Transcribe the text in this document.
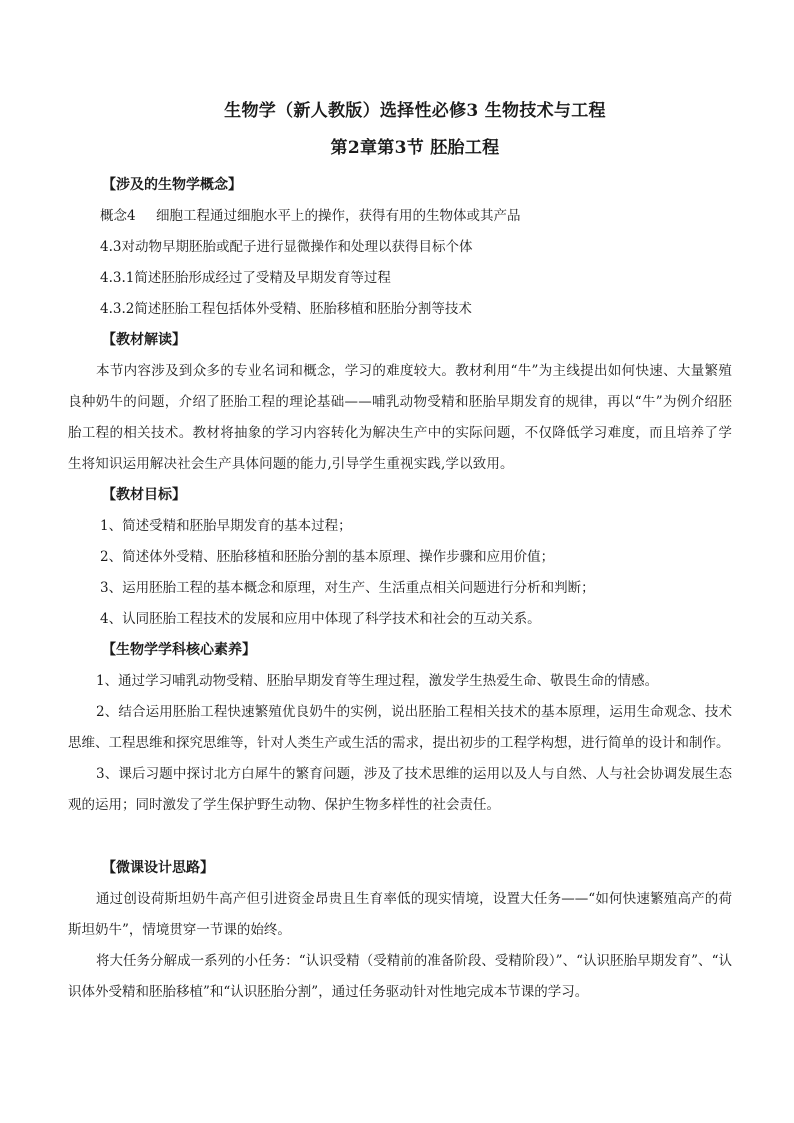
生物学（新人教版）选择性必修3 生物技术与工程
第2章第3节 胚胎工程

【涉及的生物学概念】

概念4 细胞工程通过细胞水平上的操作，获得有用的生物体或其产品

4.3对动物早期胚胎或配子进行显微操作和处理以获得目标个体

4.3.1简述胚胎形成经过了受精及早期发育等过程

4.3.2简述胚胎工程包括体外受精、胚胎移植和胚胎分割等技术

【教材解读】

本节内容涉及到众多的专业名词和概念，学习的难度较大。教材利用“牛”为主线提出如何快速、大量繁殖良种奶牛的问题，介绍了胚胎工程的理论基础——哺乳动物受精和胚胎早期发育的规律，再以“牛”为例介绍胚胎工程的相关技术。教材将抽象的学习内容转化为解决生产中的实际问题，不仅降低学习难度，而且培养了学生将知识运用解决社会生产具体问题的能力,引导学生重视实践,学以致用。

【教材目标】

1、简述受精和胚胎早期发育的基本过程；

2、简述体外受精、胚胎移植和胚胎分割的基本原理、操作步骤和应用价值；

3、运用胚胎工程的基本概念和原理，对生产、生活重点相关问题进行分析和判断；

4、认同胚胎工程技术的发展和应用中体现了科学技术和社会的互动关系。

【生物学学科核心素养】

1、通过学习哺乳动物受精、胚胎早期发育等生理过程，激发学生热爱生命、敬畏生命的情感。

2、结合运用胚胎工程快速繁殖优良奶牛的实例，说出胚胎工程相关技术的基本原理，运用生命观念、技术思维、工程思维和探究思维等，针对人类生产或生活的需求，提出初步的工程学构想，进行简单的设计和制作。

3、课后习题中探讨北方白犀牛的繁育问题，涉及了技术思维的运用以及人与自然、人与社会协调发展生态观的运用；同时激发了学生保护野生动物、保护生物多样性的社会责任。

【微课设计思路】

通过创设荷斯坦奶牛高产但引进资金昂贵且生育率低的现实情境，设置大任务——“如何快速繁殖高产的荷斯坦奶牛”，情境贯穿一节课的始终。

将大任务分解成一系列的小任务：“认识受精（受精前的准备阶段、受精阶段）”、“认识胚胎早期发育”、“认识体外受精和胚胎移植”和“认识胚胎分割”，通过任务驱动针对性地完成本节课的学习。
